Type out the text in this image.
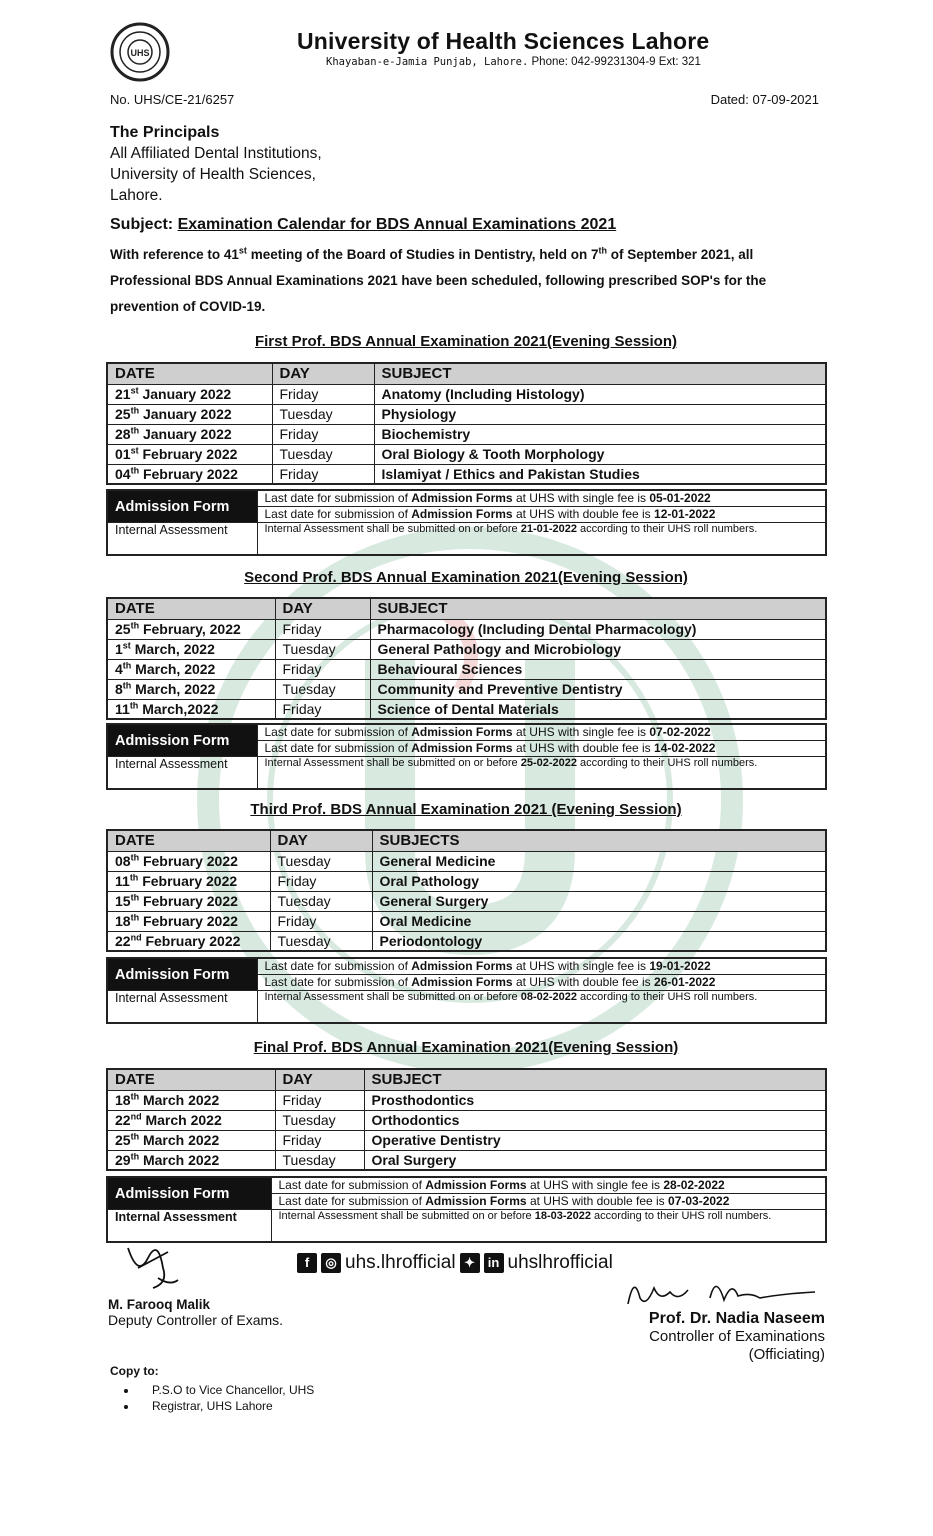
UHS	University of Health Sciences Lahore
Khayaban-e-Jamia Punjab, Lahore. Phone: 042-99231304-9 Ext: 321
No. UHS/CE-21/6257	Dated: 07-09-2021
The Principals
All Affiliated Dental Institutions,
University of Health Sciences,
Lahore.
Subject: Examination Calendar for BDS Annual Examinations 2021
With reference to 41st meeting of the Board of Studies in Dentistry, held on 7th of September 2021, all Professional BDS Annual Examinations 2021 have been scheduled, following prescribed SOP's for the prevention of COVID-19.
First Prof. BDS Annual Examination 2021(Evening Session)
DATE	DAY	SUBJECT
21st January 2022	Friday	Anatomy (Including Histology)
25th January 2022	Tuesday	Physiology
28th January 2022	Friday	Biochemistry
01st February 2022	Tuesday	Oral Biology & Tooth Morphology
04th February 2022	Friday	Islamiyat / Ethics and Pakistan Studies
Admission Form	Last date for submission of Admission Forms at UHS with single fee is 05-01-2022
	Last date for submission of Admission Forms at UHS with double fee is 12-01-2022
Internal Assessment	Internal Assessment shall be submitted on or before 21-01-2022 according to their UHS roll numbers.
Second Prof. BDS Annual Examination 2021(Evening Session)
DATE	DAY	SUBJECT
25th February, 2022	Friday	Pharmacology (Including Dental Pharmacology)
1st March, 2022	Tuesday	General Pathology and Microbiology
4th March, 2022	Friday	Behavioural Sciences
8th March, 2022	Tuesday	Community and Preventive Dentistry
11th March,2022	Friday	Science of Dental Materials
Admission Form	Last date for submission of Admission Forms at UHS with single fee is 07-02-2022
	Last date for submission of Admission Forms at UHS with double fee is 14-02-2022
Internal Assessment	Internal Assessment shall be submitted on or before 25-02-2022 according to their UHS roll numbers.
Third Prof. BDS Annual Examination 2021 (Evening Session)
DATE	DAY	SUBJECTS
08th February 2022	Tuesday	General Medicine
11th February 2022	Friday	Oral Pathology
15th February 2022	Tuesday	General Surgery
18th February 2022	Friday	Oral Medicine
22nd February 2022	Tuesday	Periodontology
Admission Form	Last date for submission of Admission Forms at UHS with single fee is 19-01-2022
	Last date for submission of Admission Forms at UHS with double fee is 26-01-2022
Internal Assessment	Internal Assessment shall be submitted on or before 08-02-2022 according to their UHS roll numbers.
Final Prof. BDS Annual Examination 2021(Evening Session)
DATE	DAY	SUBJECT
18th March 2022	Friday	Prosthodontics
22nd March 2022	Tuesday	Orthodontics
25th March 2022	Friday	Operative Dentistry
29th March 2022	Tuesday	Oral Surgery
Admission Form	Last date for submission of Admission Forms at UHS with single fee is 28-02-2022
	Last date for submission of Admission Forms at UHS with double fee is 07-03-2022
Internal Assessment	Internal Assessment shall be submitted on or before 18-03-2022 according to their UHS roll numbers.
f	◎ uhs.lhrofficial ✦ in uhslhrofficial
M. Farooq Malik
Deputy Controller of Exams.	Prof. Dr. Nadia Naseem
Controller of Examinations
(Officiating)
Copy to:
• P.S.O to Vice Chancellor, UHS
• Registrar, UHS Lahore
